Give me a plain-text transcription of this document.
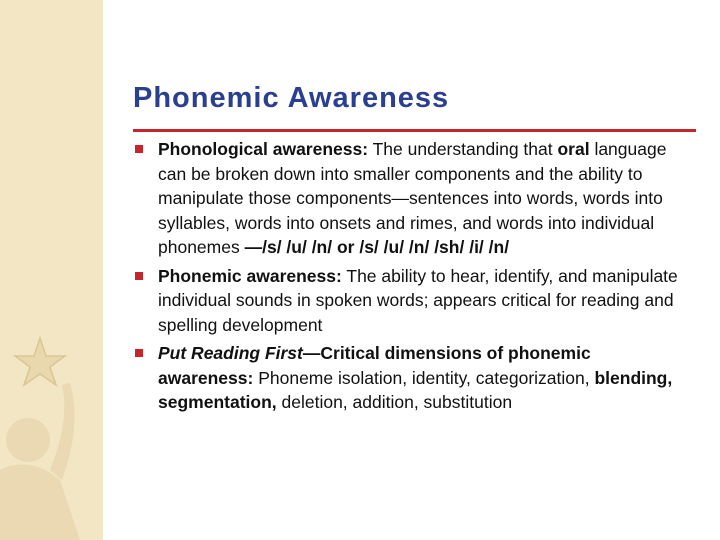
Phonemic Awareness
Phonological awareness: The understanding that oral language can be broken down into smaller components and the ability to manipulate those components—sentences into words, words into syllables, words into onsets and rimes, and words into individual phonemes —/s/ /u/ /n/ or /s/ /u/ /n/ /sh/ /i/ /n/
Phonemic awareness: The ability to hear, identify, and manipulate individual sounds in spoken words; appears critical for reading and spelling development
Put Reading First—Critical dimensions of phonemic awareness: Phoneme isolation, identity, categorization, blending, segmentation, deletion, addition, substitution
